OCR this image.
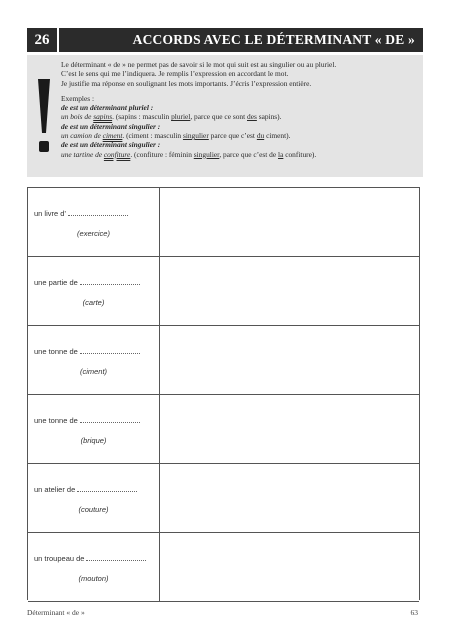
26	ACCORDS AVEC LE DÉTERMINANT « DE »

Le déterminant « de » ne permet pas de savoir si le mot qui suit est au singulier ou au pluriel.

C’est le sens qui me l’indiquera. Je remplis l’expression en accordant le mot.

Je justifie ma réponse en soulignant les mots importants. J’écris l’expression entière.

Exemples :

de est un déterminant pluriel :

un bois de sapins. (sapins : masculin pluriel, parce que ce sont des sapins).

de est un déterminant singulier :

un camion de ciment. (ciment : masculin singulier parce que c’est du ciment).

de est un déterminant singulier :

une tartine de confiture. (confiture : féminin singulier, parce que c’est de la confiture).

un livre d’
(exercice)
une partie de
(carte)
une tonne de
(ciment)
une tonne de
(brique)
un atelier de
(couture)
un troupeau de
(mouton)
Déterminant « de »	63
